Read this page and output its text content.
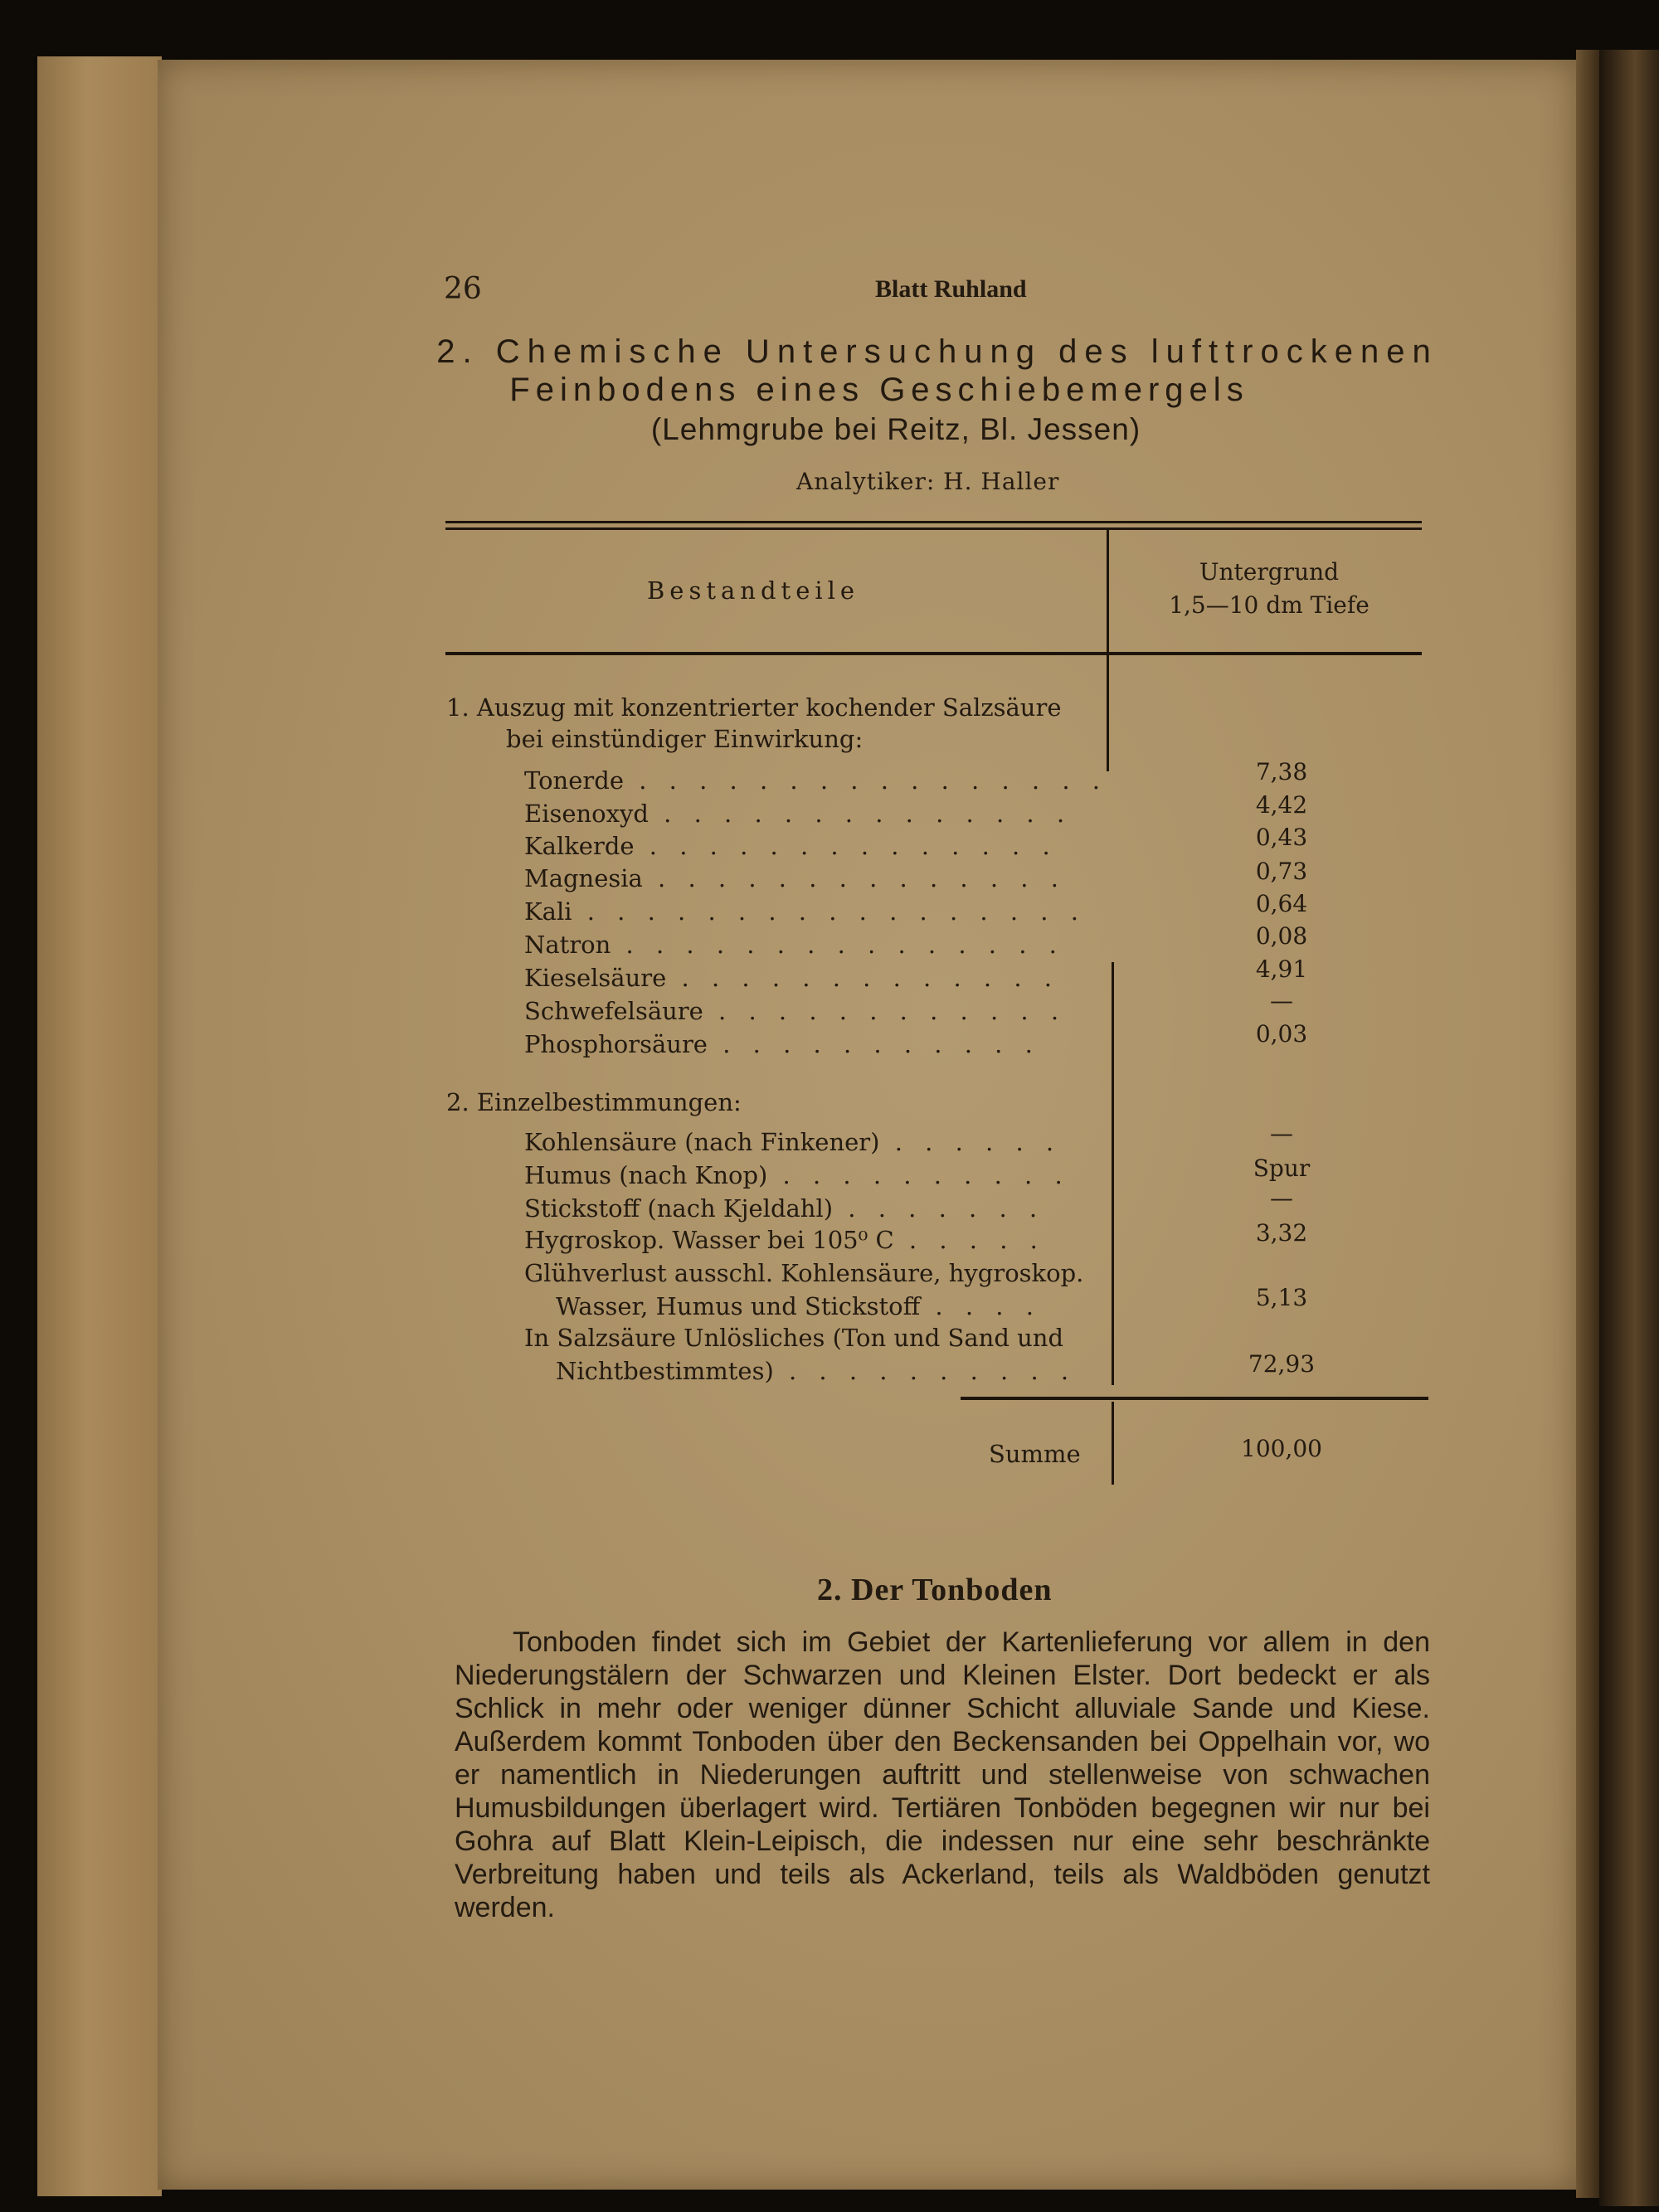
26	Blatt Ruhland
2. Chemische Untersuchung des lufttrockenen
Feinbodens eines Geschiebemergels
(Lehmgrube bei Reitz, Bl. Jessen)
Analytiker: H. Haller
Bestandteile
Untergrund
1,5—10 dm Tiefe
1. Auszug mit konzentrierter kochender Salzsäure
bei einstündiger Einwirkung:
Tonerde . . . . . . . . . . . . . . . .	7,38
Eisenoxyd . . . . . . . . . . . . . .	4,42
Kalkerde . . . . . . . . . . . . . .	0,43
Magnesia . . . . . . . . . . . . . .	0,73
Kali . . . . . . . . . . . . . . . . .	0,64
Natron . . . . . . . . . . . . . . .	0,08
Kieselsäure . . . . . . . . . . . . .	4,91
Schwefelsäure . . . . . . . . . . . .	—
Phosphorsäure . . . . . . . . . . .	0,03
2. Einzelbestimmungen:
Kohlensäure (nach Finkener) . . . . . .	—
Humus (nach Knop) . . . . . . . . . .	Spur
Stickstoff (nach Kjeldahl) . . . . . . .	—
Hygroskop. Wasser bei 105⁰ C . . . . .	3,32
Glühverlust ausschl. Kohlensäure, hygroskop.
Wasser, Humus und Stickstoff . . . .	5,13
In Salzsäure Unlösliches (Ton und Sand und
Nichtbestimmtes) . . . . . . . . . .	72,93
Summe	100,00
2. Der Tonboden

Tonboden findet sich im Gebiet der Kartenlieferung vor allem in den Niederungstälern der Schwarzen und Kleinen Elster. Dort bedeckt er als Schlick in mehr oder weniger dünner Schicht alluviale Sande und Kiese. Außerdem kommt Tonboden über den Beckensanden bei Oppelhain vor, wo er namentlich in Niederungen auftritt und stellenweise von schwachen Humusbildungen überlagert wird. Tertiären Tonböden begegnen wir nur bei Gohra auf Blatt Klein-Leipisch, die indessen nur eine sehr beschränkte Verbreitung haben und teils als Ackerland, teils als Waldböden genutzt werden.
